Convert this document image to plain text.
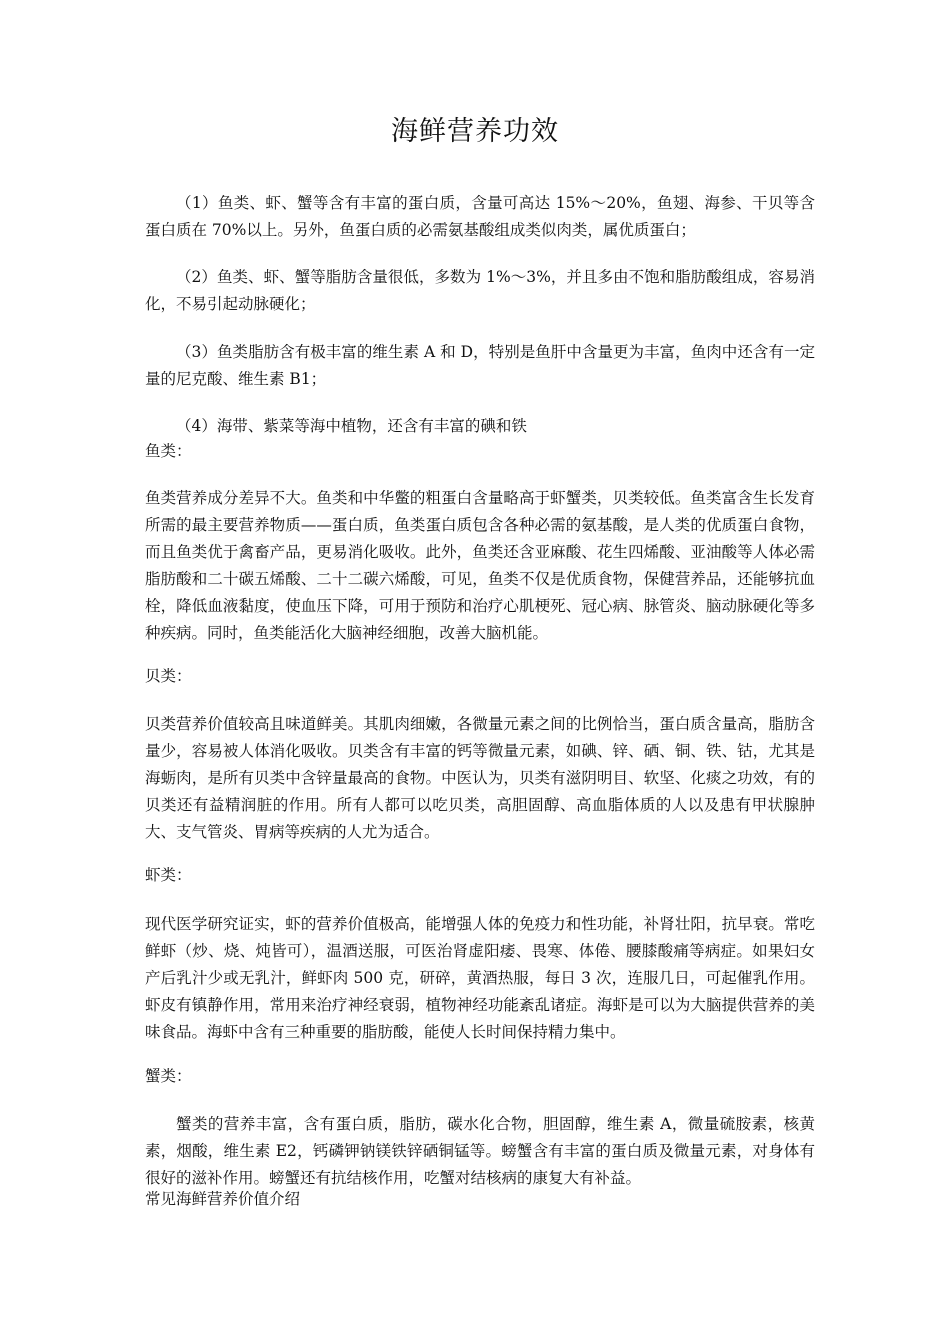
海鲜营养功效

（1）鱼类、虾、蟹等含有丰富的蛋白质，含量可高达 15%～20%，鱼翅、海参、干贝等含蛋白质在 70%以上。另外，鱼蛋白质的必需氨基酸组成类似肉类，属优质蛋白；

（2）鱼类、虾、蟹等脂肪含量很低，多数为 1%～3%，并且多由不饱和脂肪酸组成，容易消化，不易引起动脉硬化；

（3）鱼类脂肪含有极丰富的维生素 A 和 D，特别是鱼肝中含量更为丰富，鱼肉中还含有一定量的尼克酸、维生素 B1；

（4）海带、紫菜等海中植物，还含有丰富的碘和铁

鱼类：

鱼类营养成分差异不大。鱼类和中华鳖的粗蛋白含量略高于虾蟹类，贝类较低。鱼类富含生长发育所需的最主要营养物质——蛋白质，鱼类蛋白质包含各种必需的氨基酸，是人类的优质蛋白食物，而且鱼类优于禽畜产品，更易消化吸收。此外，鱼类还含亚麻酸、花生四烯酸、亚油酸等人体必需脂肪酸和二十碳五烯酸、二十二碳六烯酸，可见，鱼类不仅是优质食物，保健营养品，还能够抗血栓，降低血液黏度，使血压下降，可用于预防和治疗心肌梗死、冠心病、脉管炎、脑动脉硬化等多种疾病。同时，鱼类能活化大脑神经细胞，改善大脑机能。

贝类：

贝类营养价值较高且味道鲜美。其肌肉细嫩，各微量元素之间的比例恰当，蛋白质含量高，脂肪含量少，容易被人体消化吸收。贝类含有丰富的钙等微量元素，如碘、锌、硒、铜、铁、钴，尤其是海蛎肉，是所有贝类中含锌量最高的食物。中医认为，贝类有滋阴明目、软坚、化痰之功效，有的贝类还有益精润脏的作用。所有人都可以吃贝类，高胆固醇、高血脂体质的人以及患有甲状腺肿大、支气管炎、胃病等疾病的人尤为适合。

虾类：

现代医学研究证实，虾的营养价值极高，能增强人体的免疫力和性功能，补肾壮阳，抗早衰。常吃鲜虾（炒、烧、炖皆可），温酒送服，可医治肾虚阳痿、畏寒、体倦、腰膝酸痛等病症。如果妇女产后乳汁少或无乳汁，鲜虾肉 500 克，研碎，黄酒热服，每日 3 次，连服几日，可起催乳作用。虾皮有镇静作用，常用来治疗神经衰弱，植物神经功能紊乱诸症。海虾是可以为大脑提供营养的美味食品。海虾中含有三种重要的脂肪酸，能使人长时间保持精力集中。

蟹类：

蟹类的营养丰富，含有蛋白质，脂肪，碳水化合物，胆固醇，维生素 A，微量硫胺素，核黄素，烟酸，维生素 E2，钙磷钾钠镁铁锌硒铜锰等。螃蟹含有丰富的蛋白质及微量元素，对身体有很好的滋补作用。螃蟹还有抗结核作用，吃蟹对结核病的康复大有补益。

常见海鲜营养价值介绍
